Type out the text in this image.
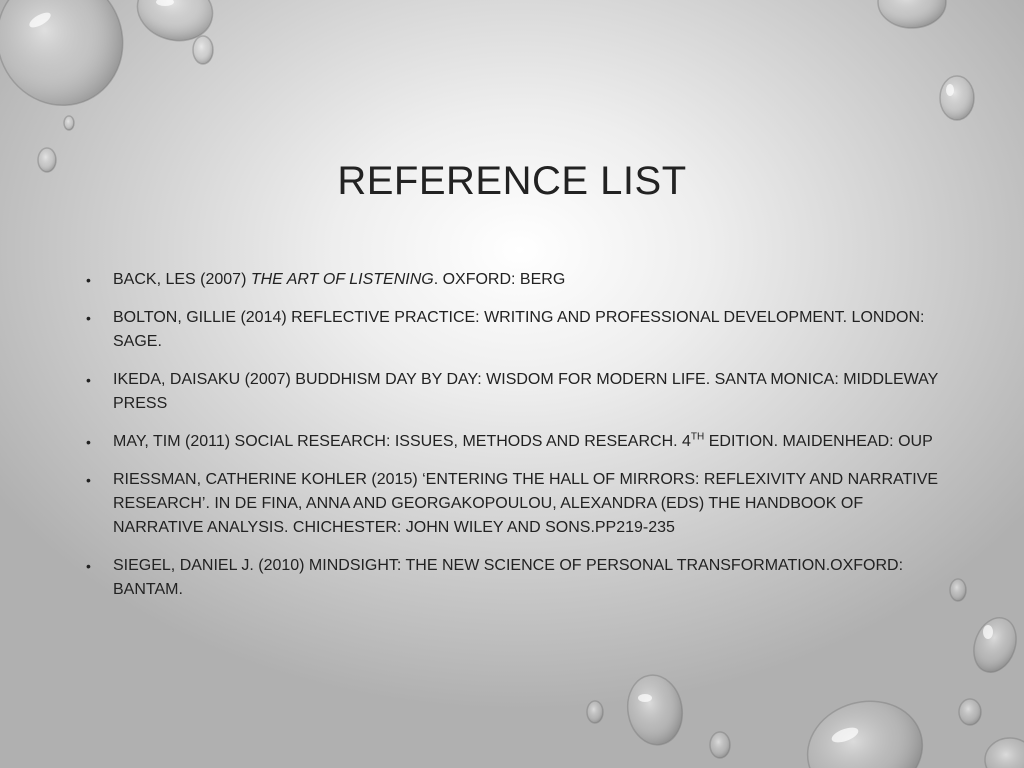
REFERENCE LIST
• BACK, LES (2007) THE ART OF LISTENING. OXFORD: BERG
• BOLTON, GILLIE (2014) REFLECTIVE PRACTICE: WRITING AND PROFESSIONAL DEVELOPMENT. LONDON: SAGE.
• IKEDA, DAISAKU (2007) BUDDHISM DAY BY DAY: WISDOM FOR MODERN LIFE. SANTA MONICA: MIDDLEWAY PRESS
• MAY, TIM (2011) SOCIAL RESEARCH: ISSUES, METHODS AND RESEARCH. 4TH EDITION. MAIDENHEAD: OUP
• RIESSMAN, CATHERINE KOHLER (2015) ‘ENTERING THE HALL OF MIRRORS: REFLEXIVITY AND NARRATIVE RESEARCH’. IN DE FINA, ANNA AND GEORGAKOPOULOU, ALEXANDRA (EDS) THE HANDBOOK OF NARRATIVE ANALYSIS. CHICHESTER: JOHN WILEY AND SONS.PP219-235
• SIEGEL, DANIEL J. (2010) MINDSIGHT: THE NEW SCIENCE OF PERSONAL TRANSFORMATION.OXFORD: BANTAM.
